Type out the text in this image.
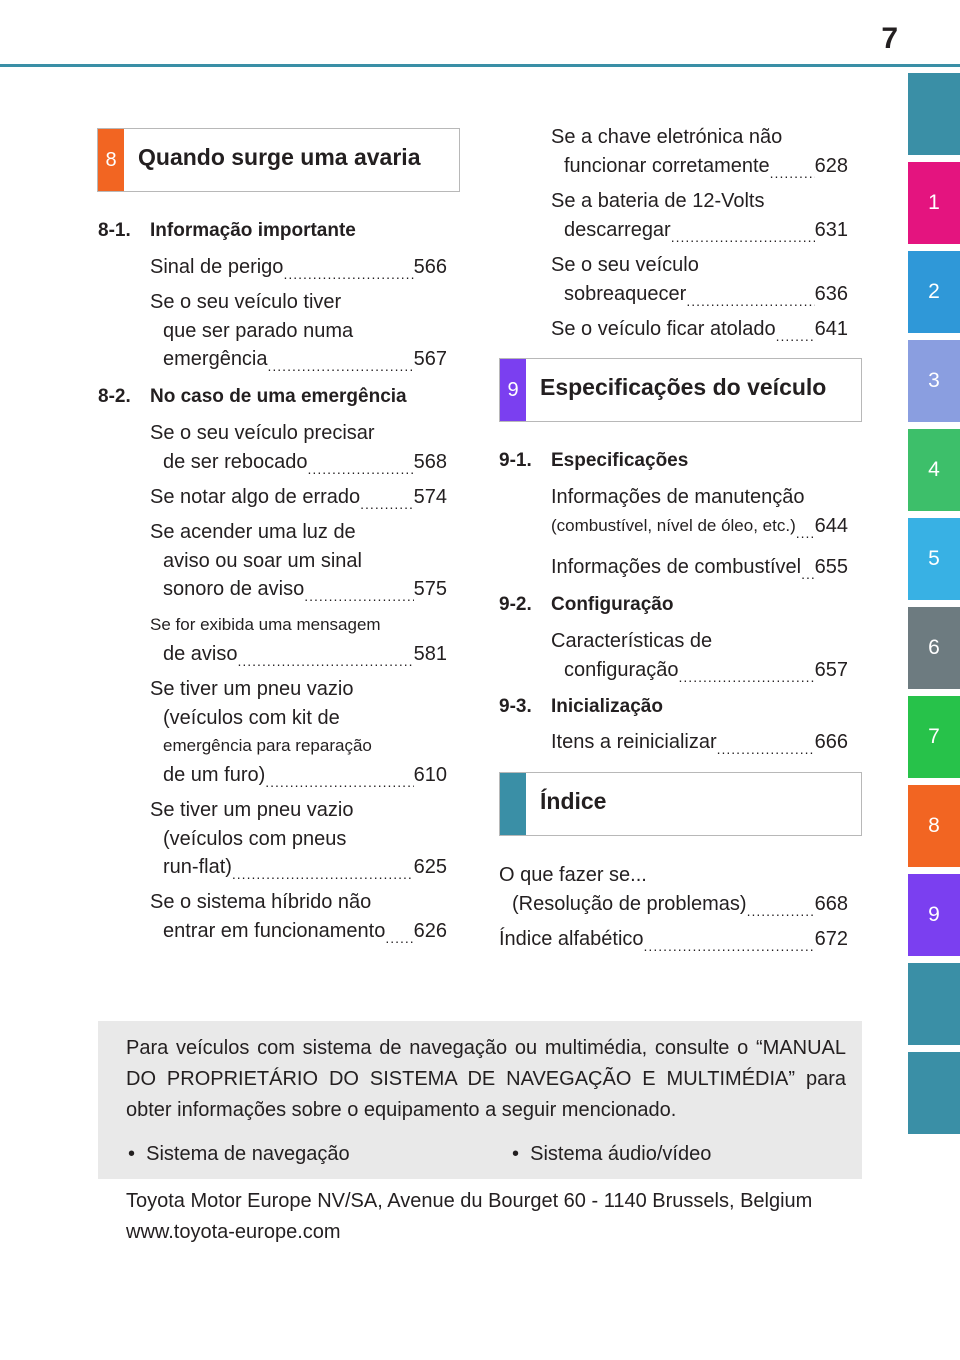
7
1
2
3
4
5
6
7
8
9
8 Quando surge uma avaria
8-1. Informação importante
Sinal de perigo .....	566
Se o seu veículo tiver
que ser parado numa
emergência .....	567
8-2. No caso de uma emergência
Se o seu veículo precisar
de ser rebocado .....	568
Se notar algo de errado .....	574
Se acender uma luz de
aviso ou soar um sinal
sonoro de aviso .....	575
Se for exibida uma mensagem
de aviso .....	581
Se tiver um pneu vazio
(veículos com kit de
emergência para reparação
de um furo) .....	610
Se tiver um pneu vazio
(veículos com pneus
run-flat) .....	625
Se o sistema híbrido não
entrar em funcionamento ..... 626
Se a chave eletrónica não
funcionar corretamente ..... 628
Se a bateria de 12-Volts
descarregar .....	631
Se o seu veículo
sobreaquecer .....	636
Se o veículo ficar atolado ..... 641
9 Especificações do veículo
9-1. Especificações
Informações de manutenção
(combustível, nível de óleo, etc.) ..... 644
Informações de combustível ..... 655
9-2. Configuração
Características de
configuração .....	657
9-3. Inicialização
Itens a reinicializar .....	666
Índice
O que fazer se...
(Resolução de problemas) .....	668
Índice alfabético .....	672
Para veículos com sistema de navegação ou multimédia, consulte o “MANUAL DO PROPRIETÁRIO DO SISTEMA DE NAVEGAÇÃO E MULTIMÉDIA” para obter informações sobre o equipamento a seguir mencionado.
•  Sistema de navegação	•  Sistema áudio/vídeo
Toyota Motor Europe NV/SA, Avenue du Bourget 60 - 1140 Brussels, Belgium
www.toyota-europe.com
